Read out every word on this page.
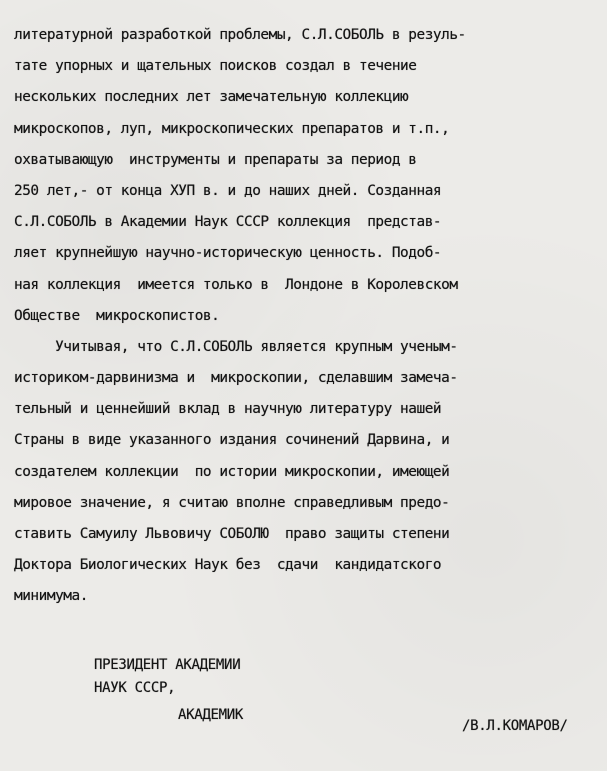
литературной разработкой проблемы, С.Л.СОБОЛЬ в резуль-
тате упорных и щательных поисков создал в течение
нескольких последних лет замечательную коллекцию
микроскопов, луп, микроскопических препаратов и т.п.,
охватывающую  инструменты и препараты за период в
250 лет,- от конца ХУП в. и до наших дней. Созданная
С.Л.СОБОЛЬ в Академии Наук СССР коллекция  представ-
ляет крупнейшую научно-историческую ценность. Подоб-
ная коллекция  имеется только в  Лондоне в Королевском
Обществе  микроскопистов.
Учитывая, что С.Л.СОБОЛЬ является крупным ученым-
историком-дарвинизма и  микроскопии, сделавшим замеча-
тельный и ценнейший вклад в научную литературу нашей
Страны в виде указанного издания сочинений Дарвина, и
создателем коллекции  по истории микроскопии, имеющей
мировое значение, я считаю вполне справедливым предо-
ставить Самуилу Львовичу СОБОЛЮ  право защиты степени
Доктора Биологических Наук без  сдачи  кандидатского
минимума.
ПРЕЗИДЕНТ АКАДЕМИИ
НАУК СССР,
АКАДЕМИК
/В.Л.КОМАРОВ/
